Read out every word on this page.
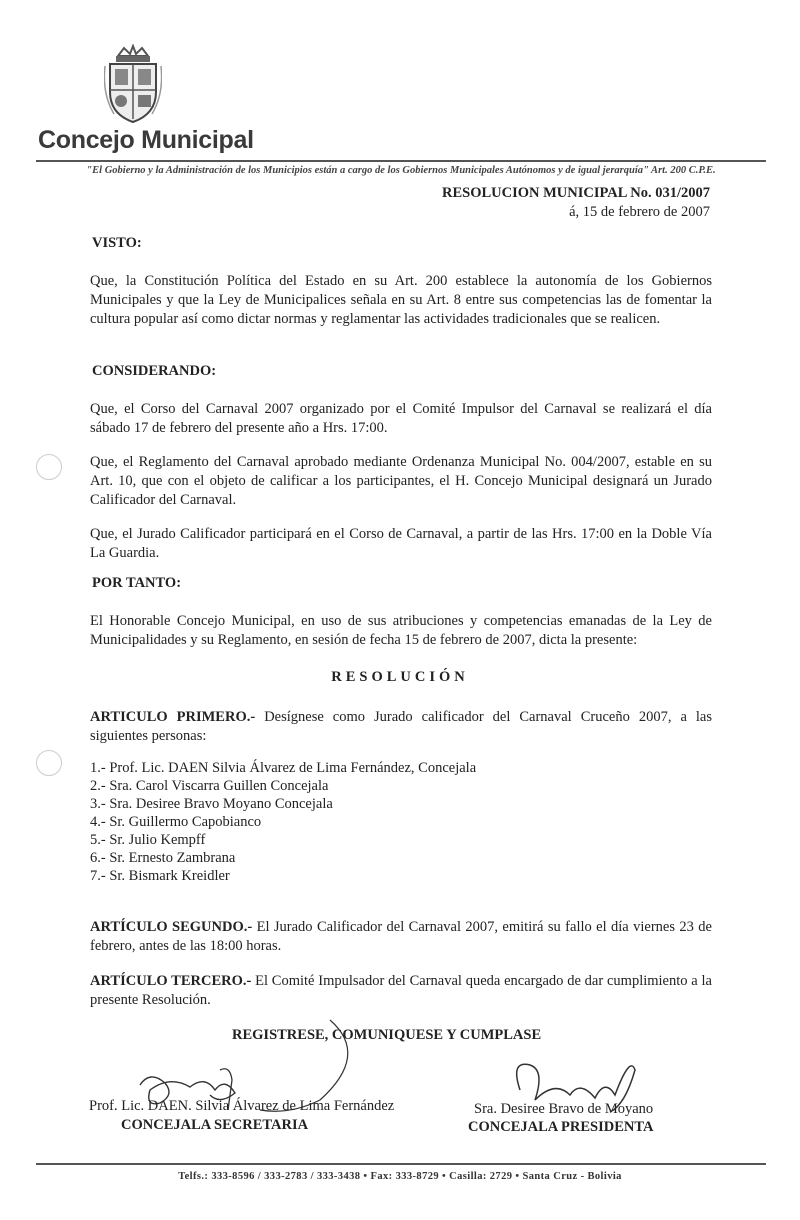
Concejo Municipal
"El Gobierno y la Administración de los Municipios están a cargo de los Gobiernos Municipales Autónomos y de igual jerarquía" Art. 200 C.P.E.
RESOLUCION MUNICIPAL No. 031/2007
á, 15 de febrero de 2007
VISTO:
Que, la Constitución Política del Estado en su Art. 200 establece la autonomía de los Gobiernos Municipales y que la Ley de Municipalices señala en su Art. 8 entre sus competencias las de fomentar la cultura popular así como dictar normas y reglamentar las actividades tradicionales que se realicen.
CONSIDERANDO:
Que, el Corso del Carnaval 2007 organizado por el Comité Impulsor del Carnaval se realizará el día sábado 17 de febrero del presente año a Hrs. 17:00.
Que, el Reglamento del Carnaval aprobado mediante Ordenanza Municipal No. 004/2007, estable en su Art. 10, que con el objeto de calificar a los participantes, el H. Concejo Municipal designará un Jurado Calificador del Carnaval.
Que, el Jurado Calificador participará en el Corso de Carnaval, a partir de las Hrs. 17:00 en la Doble Vía La Guardia.
POR TANTO:
El Honorable Concejo Municipal, en uso de sus atribuciones y competencias emanadas de la Ley de Municipalidades y su Reglamento, en sesión de fecha 15 de febrero de 2007, dicta la presente:
RESOLUCIÓN
ARTICULO PRIMERO.- Desígnese como Jurado calificador del Carnaval Cruceño 2007, a las siguientes personas:
1.- Prof. Lic. DAEN Silvia Álvarez de Lima Fernández, Concejala
2.- Sra. Carol Viscarra Guillen Concejala
3.- Sra. Desiree Bravo Moyano Concejala
4.- Sr. Guillermo Capobianco
5.- Sr. Julio Kempff
6.- Sr. Ernesto Zambrana
7.- Sr. Bismark Kreidler
ARTÍCULO SEGUNDO.- El Jurado Calificador del Carnaval 2007, emitirá su fallo el día viernes 23 de febrero, antes de las 18:00 horas.
ARTÍCULO TERCERO.- El Comité Impulsador del Carnaval queda encargado de dar cumplimiento a la presente Resolución.
REGISTRESE, COMUNIQUESE Y CUMPLASE
Prof. Lic. DAEN. Silvia Álvarez de Lima Fernández
CONCEJALA SECRETARIA
Sra. Desiree Bravo de Moyano
CONCEJALA PRESIDENTA
Telfs.: 333-8596 / 333-2783 / 333-3438 • Fax: 333-8729 • Casilla: 2729 • Santa Cruz - Bolivia
